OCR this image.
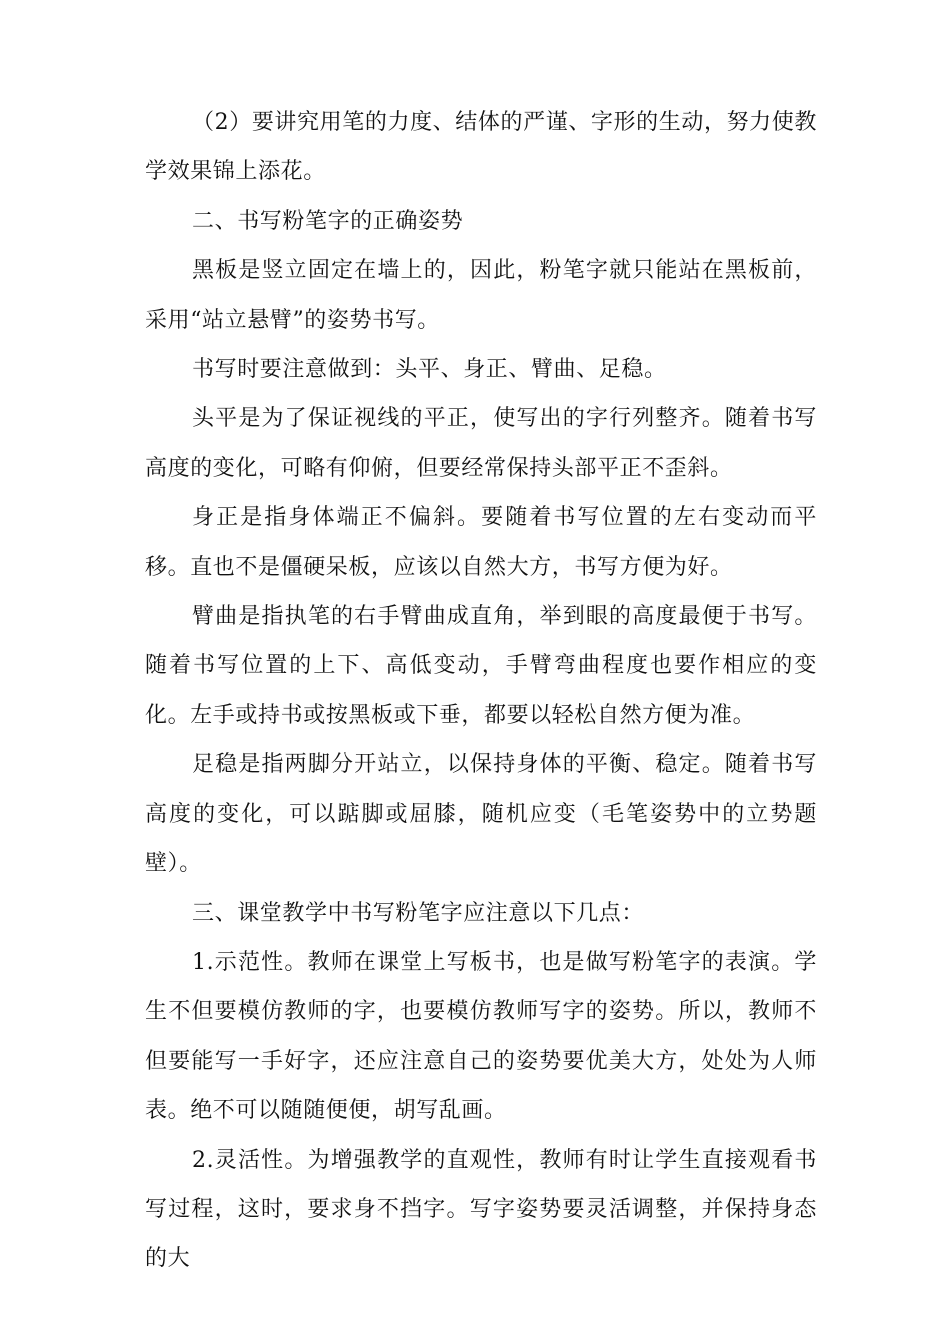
（2）要讲究用笔的力度、结体的严谨、字形的生动，努力使教学效果锦上添花。

二、书写粉笔字的正确姿势

黑板是竖立固定在墙上的，因此，粉笔字就只能站在黑板前，采用“站立悬臂”的姿势书写。

书写时要注意做到：头平、身正、臂曲、足稳。

头平是为了保证视线的平正，使写出的字行列整齐。随着书写高度的变化，可略有仰俯，但要经常保持头部平正不歪斜。

身正是指身体端正不偏斜。要随着书写位置的左右变动而平移。直也不是僵硬呆板，应该以自然大方，书写方便为好。

臂曲是指执笔的右手臂曲成直角，举到眼的高度最便于书写。随着书写位置的上下、高低变动，手臂弯曲程度也要作相应的变化。左手或持书或按黑板或下垂，都要以轻松自然方便为准。

足稳是指两脚分开站立，以保持身体的平衡、稳定。随着书写高度的变化，可以踮脚或屈膝，随机应变（毛笔姿势中的立势题壁）。

三、课堂教学中书写粉笔字应注意以下几点：

1.示范性。教师在课堂上写板书，也是做写粉笔字的表演。学生不但要模仿教师的字，也要模仿教师写字的姿势。所以，教师不但要能写一手好字，还应注意自己的姿势要优美大方，处处为人师表。绝不可以随随便便，胡写乱画。

2.灵活性。为增强教学的直观性，教师有时让学生直接观看书写过程，这时，要求身不挡字。写字姿势要灵活调整，并保持身态的大
